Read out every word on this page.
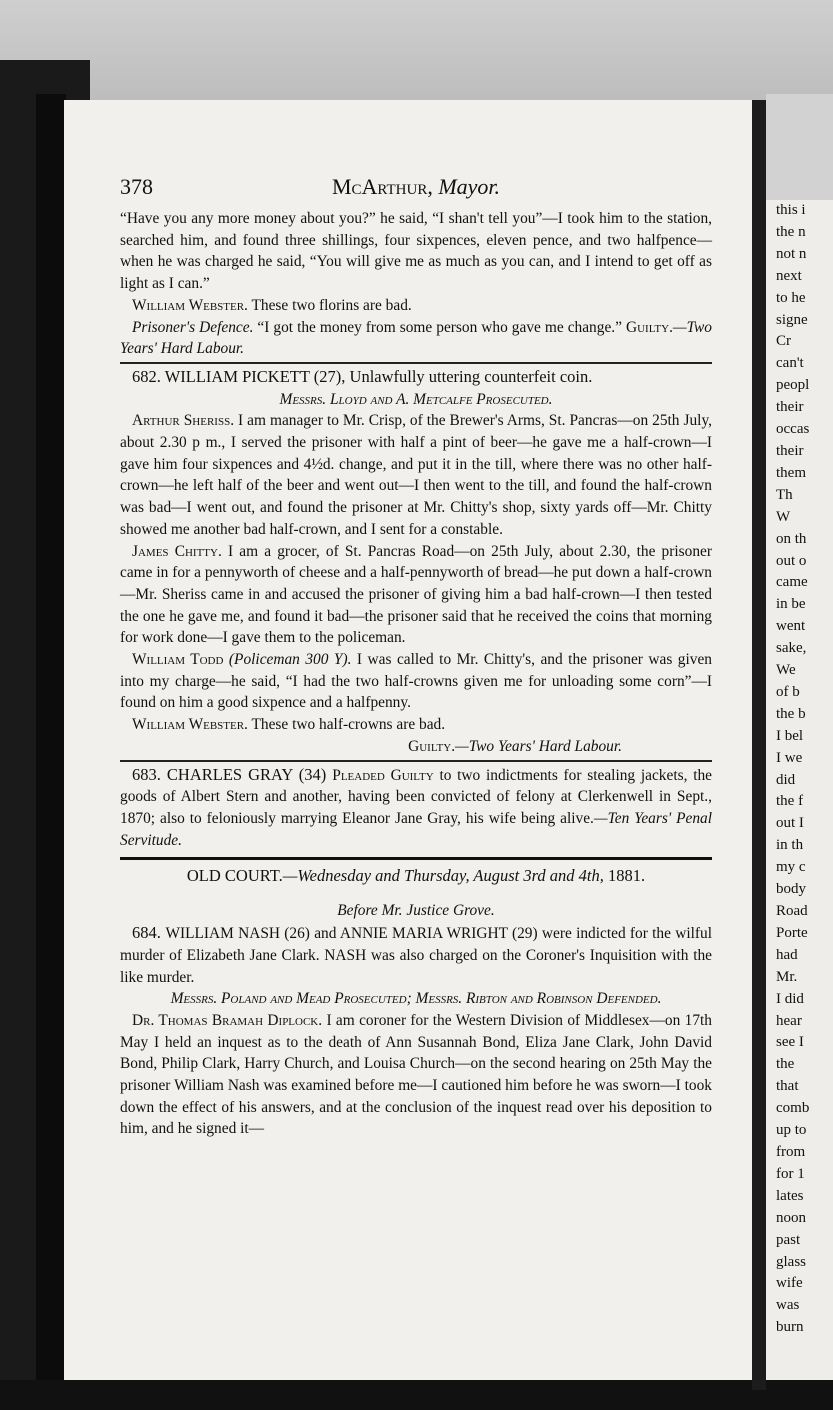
this i
the n
not n
next
to he
signe
Cr
can't
peopl
their
occas
their
them
Th
W
on th
out o
came
in be
went
sake,
We
of b
the b
I bel
I we
did
the f
out I
in th
my c
body
Road
Porte
had
Mr.
I did
hear
see I
the
that
comb
up to
from
for 1
lates
noon
past
glass
wife
was
burn
378	McArthur, Mayor.

“Have you any more money about you?” he said, “I shan't tell you”—I took him to the station, searched him, and found three shillings, four sixpences, eleven pence, and two halfpence—when he was charged he said, “You will give me as much as you can, and I intend to get off as light as I can.”

William Webster. These two florins are bad.

Prisoner's Defence. “I got the money from some person who gave me change.” Guilty.—Two Years' Hard Labour.

682. WILLIAM PICKETT (27), Unlawfully uttering counterfeit coin.

Messrs. Lloyd and A. Metcalfe Prosecuted.

Arthur Sheriss. I am manager to Mr. Crisp, of the Brewer's Arms, St. Pancras—on 25th July, about 2.30 p m., I served the prisoner with half a pint of beer—he gave me a half-crown—I gave him four sixpences and 4½d. change, and put it in the till, where there was no other half-crown—he left half of the beer and went out—I then went to the till, and found the half-crown was bad—I went out, and found the prisoner at Mr. Chitty's shop, sixty yards off—Mr. Chitty showed me another bad half-crown, and I sent for a constable.

James Chitty. I am a grocer, of St. Pancras Road—on 25th July, about 2.30, the prisoner came in for a pennyworth of cheese and a half-pennyworth of bread—he put down a half-crown—Mr. Sheriss came in and accused the prisoner of giving him a bad half-crown—I then tested the one he gave me, and found it bad—the prisoner said that he received the coins that morning for work done—I gave them to the policeman.

William Todd (Policeman 300 Y). I was called to Mr. Chitty's, and the prisoner was given into my charge—he said, “I had the two half-crowns given me for unloading some corn”—I found on him a good sixpence and a halfpenny.

William Webster. These two half-crowns are bad.

Guilty.—Two Years' Hard Labour.

683. CHARLES GRAY (34) Pleaded Guilty to two indictments for stealing jackets, the goods of Albert Stern and another, having been convicted of felony at Clerkenwell in Sept., 1870; also to feloniously marrying Eleanor Jane Gray, his wife being alive.—Ten Years' Penal Servitude.

OLD COURT.—Wednesday and Thursday, August 3rd and 4th, 1881.

Before Mr. Justice Grove.

684. WILLIAM NASH (26) and ANNIE MARIA WRIGHT (29) were indicted for the wilful murder of Elizabeth Jane Clark. NASH was also charged on the Coroner's Inquisition with the like murder.

Messrs. Poland and Mead Prosecuted; Messrs. Ribton and Robinson Defended.

Dr. Thomas Bramah Diplock. I am coroner for the Western Division of Middlesex—on 17th May I held an inquest as to the death of Ann Susannah Bond, Eliza Jane Clark, John David Bond, Philip Clark, Harry Church, and Louisa Church—on the second hearing on 25th May the prisoner William Nash was examined before me—I cautioned him before he was sworn—I took down the effect of his answers, and at the conclusion of the inquest read over his deposition to him, and he signed it—
